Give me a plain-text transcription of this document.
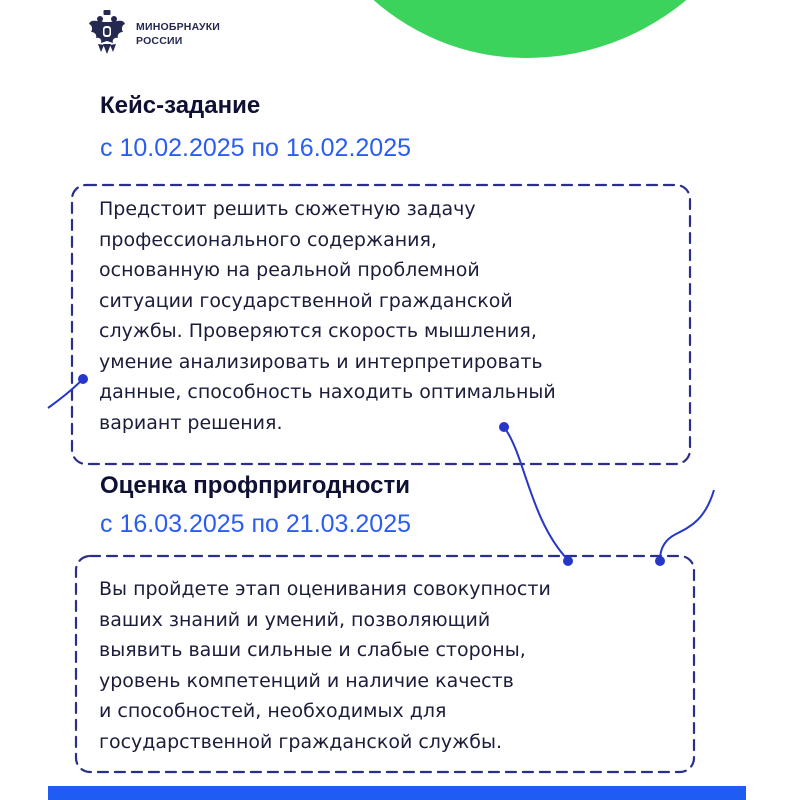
МИНОБРНАУКИ
РОССИИ
Кейс-задание
с 10.02.2025 по 16.02.2025
Предстоит решить сюжетную задачу
профессионального содержания,
основанную на реальной проблемной
ситуации государственной гражданской
службы. Проверяются скорость мышления,
умение анализировать и интерпретировать
данные, способность находить оптимальный
вариант решения.
Оценка профпригодности
с 16.03.2025 по 21.03.2025
Вы пройдете этап оценивания совокупности
ваших знаний и умений, позволяющий
выявить ваши сильные и слабые стороны,
уровень компетенций и наличие качеств
и способностей, необходимых для
государственной гражданской службы.
